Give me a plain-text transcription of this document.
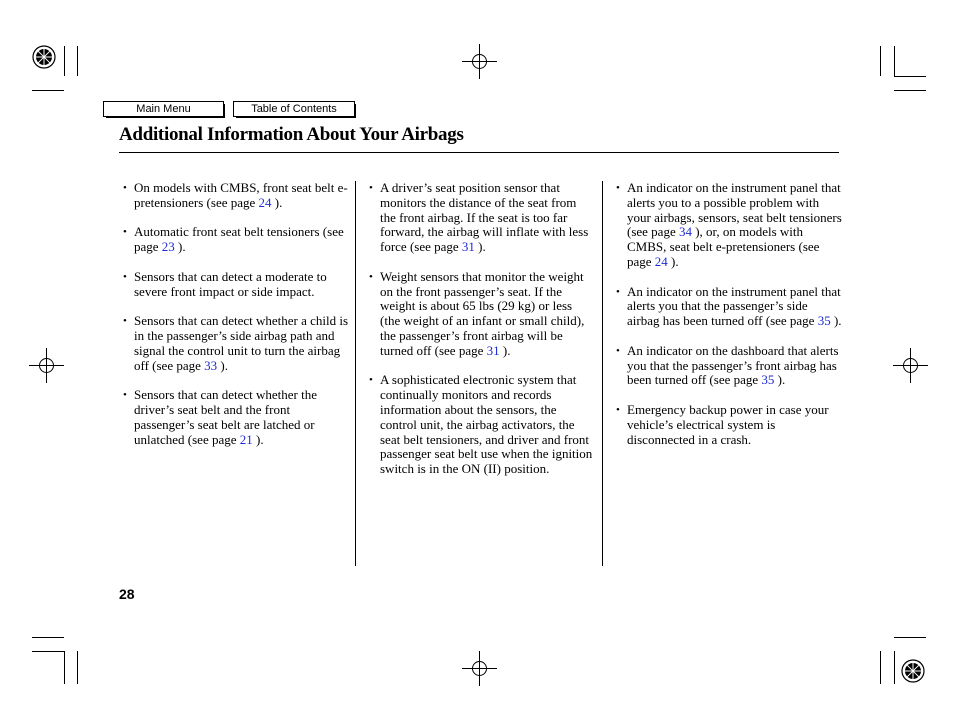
Main Menu	Table of Contents
Additional Information About Your Airbags
• On models with CMBS, front seat belt e-pretensioners (see page 24 ).
• Automatic front seat belt tensioners (see page 23 ).
• Sensors that can detect a moderate to severe front impact or side impact.
• Sensors that can detect whether a child is in the passenger’s side airbag path and signal the control unit to turn the airbag off (see page 33 ).
• Sensors that can detect whether the driver’s seat belt and the front passenger’s seat belt are latched or unlatched (see page 21 ).
• A driver’s seat position sensor that monitors the distance of the seat from the front airbag. If the seat is too far forward, the airbag will inflate with less force (see page 31 ).
• Weight sensors that monitor the weight on the front passenger’s seat. If the weight is about 65 lbs (29 kg) or less (the weight of an infant or small child), the passenger’s front airbag will be turned off (see page 31 ).
• A sophisticated electronic system that continually monitors and records information about the sensors, the control unit, the airbag activators, the seat belt tensioners, and driver and front passenger seat belt use when the ignition switch is in the ON (II) position.
• An indicator on the instrument panel that alerts you to a possible problem with your airbags, sensors, seat belt tensioners (see page 34 ), or, on models with CMBS, seat belt e-pretensioners (see page 24 ).
• An indicator on the instrument panel that alerts you that the passenger’s side airbag has been turned off (see page 35 ).
• An indicator on the dashboard that alerts you that the passenger’s front airbag has been turned off (see page 35 ).
• Emergency backup power in case your vehicle’s electrical system is disconnected in a crash.
28
